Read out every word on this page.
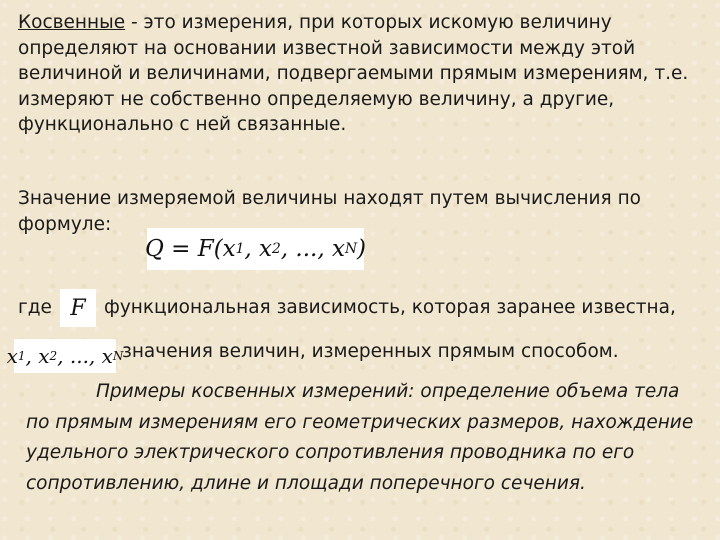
Косвенные - это измерения, при которых искомую величину определяют на основании известной зависимости между этой величиной и величинами, подвергаемыми прямым измерениям, т.е. измеряют не собственно определяемую величину, а другие, функционально с ней связанные.

Значение измеряемой величины находят путем вычисления по формуле:

Q = F(x 1 , x 2 , ..., x N )
где F функциональная зависимость, которая заранее известна,
x 1 , x 2 , ..., x N
значения величин, измеренных прямым способом.

Примеры косвенных измерений: определение объема тела по прямым измерениям его геометрических размеров, нахождение удельного электрического сопротивления проводника по его сопротивлению, длине и площади поперечного сечения.
